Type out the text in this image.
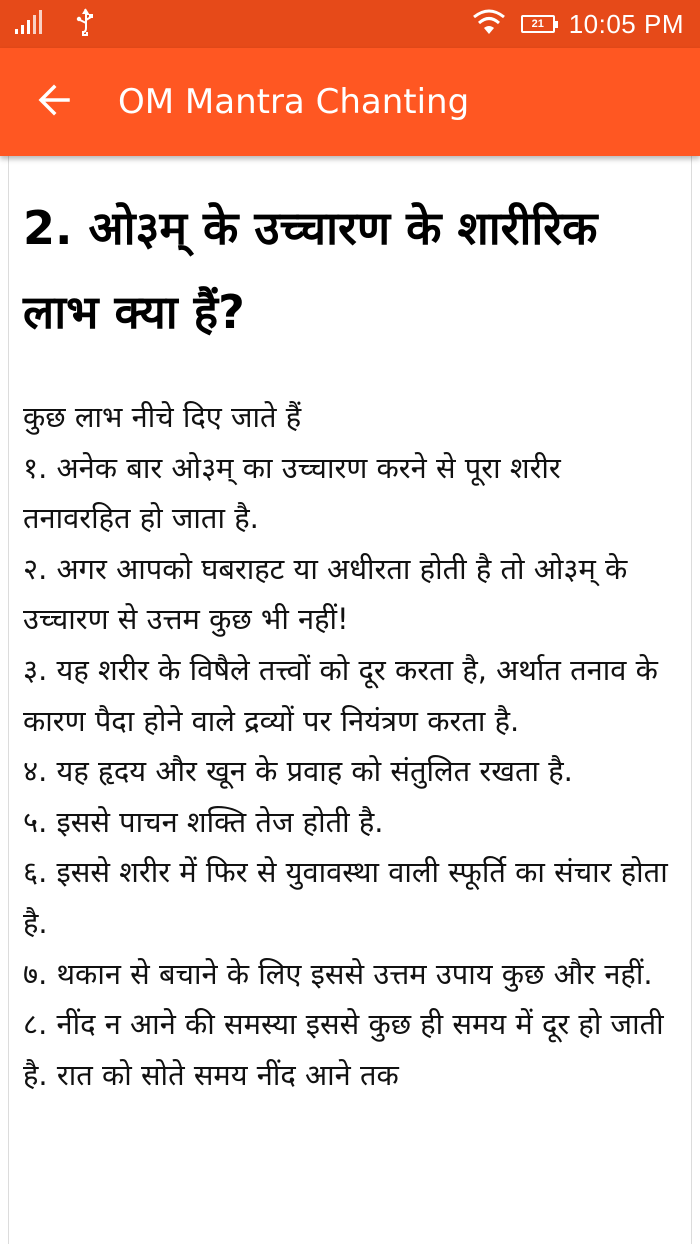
21 10:05 PM
OM Mantra Chanting
2. ओ३म् के उच्चारण के शारीरिक लाभ क्या हैं?

कुछ लाभ नीचे दिए जाते हैं

१. अनेक बार ओ३म् का उच्चारण करने से पूरा शरीर तनावरहित हो जाता है.

२. अगर आपको घबराहट या अधीरता होती है तो ओ३म् के उच्चारण से उत्तम कुछ भी नहीं!

३. यह शरीर के विषैले तत्त्वों को दूर करता है, अर्थात तनाव के कारण पैदा होने वाले द्रव्यों पर नियंत्रण करता है.

४. यह हृदय और खून के प्रवाह को संतुलित रखता है.

५. इससे पाचन शक्ति तेज होती है.

६. इससे शरीर में फिर से युवावस्था वाली स्फूर्ति का संचार होता है.

७. थकान से बचाने के लिए इससे उत्तम उपाय कुछ और नहीं.

८. नींद न आने की समस्या इससे कुछ ही समय में दूर हो जाती है. रात को सोते समय नींद आने तक
